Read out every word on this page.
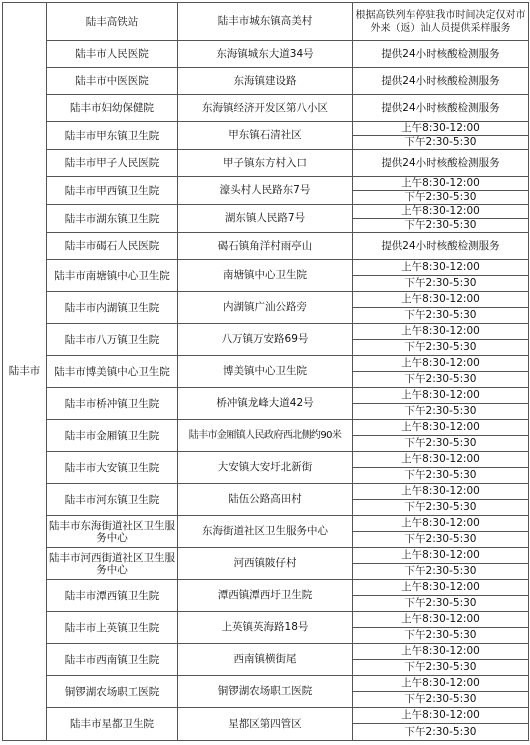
陆丰市	陆丰高铁站	陆丰市城东镇高美村	根据高铁列车停驻我市时间决定仅对市外来（返）汕人员提供采样服务
	陆丰市人民医院	东海镇城东大道34号	提供24小时核酸检测服务
	陆丰市中医医院	东海镇建设路	提供24小时核酸检测服务
	陆丰市妇幼保健院	东海镇经济开发区第八小区	提供24小时核酸检测服务
	陆丰市甲东镇卫生院	甲东镇石清社区	上午8:30-12:00
			下午2:30-5:30
	陆丰市甲子人民医院	甲子镇东方村入口	提供24小时核酸检测服务
	陆丰市甲西镇卫生院	濠头村人民路东7号	上午8:30-12:00
			下午2:30-5:30
	陆丰市湖东镇卫生院	湖东镇人民路7号	上午8:30-12:00
			下午2:30-5:30
	陆丰市碣石人民医院	碣石镇角洋村雨亭山	提供24小时核酸检测服务
	陆丰市南塘镇中心卫生院	南塘镇中心卫生院	上午8:30-12:00
			下午2:30-5:30
	陆丰市内湖镇卫生院	内湖镇广汕公路旁	上午8:30-12:00
			下午2:30-5:30
	陆丰市八万镇卫生院	八万镇万安路69号	上午8:30-12:00
			下午2:30-5:30
	陆丰市博美镇中心卫生院	博美镇中心卫生院	上午8:30-12:00
			下午2:30-5:30
	陆丰市桥冲镇卫生院	桥冲镇龙峰大道42号	上午8:30-12:00
			下午2:30-5:30
	陆丰市金厢镇卫生院	陆丰市金厢镇人民政府西北侧约90米	上午8:30-12:00
			下午2:30-5:30
	陆丰市大安镇卫生院	大安镇大安圩北新街	上午8:30-12:00
			下午2:30-5:30
	陆丰市河东镇卫生院	陆伍公路高田村	上午8:30-12:00
			下午2:30-5:30
	陆丰市东海街道社区卫生服务中心	东海街道社区卫生服务中心	上午8:30-12:00
			下午2:30-5:30
	陆丰市河西街道社区卫生服务中心	河西镇陂仔村	上午8:30-12:00
			下午2:30-5:30
	陆丰市潭西镇卫生院	潭西镇潭西圩卫生院	上午8:30-12:00
			下午2:30-5:30
	陆丰市上英镇卫生院	上英镇英海路18号	上午8:30-12:00
			下午2:30-5:30
	陆丰市西南镇卫生院	西南镇横街尾	上午8:30-12:00
			下午2:30-5:30
	铜锣湖农场职工医院	铜锣湖农场职工医院	上午8:30-12:00
			下午2:30-5:30
	陆丰市星都卫生院	星都区第四管区	上午8:30-12:00
			下午2:30-5:30
